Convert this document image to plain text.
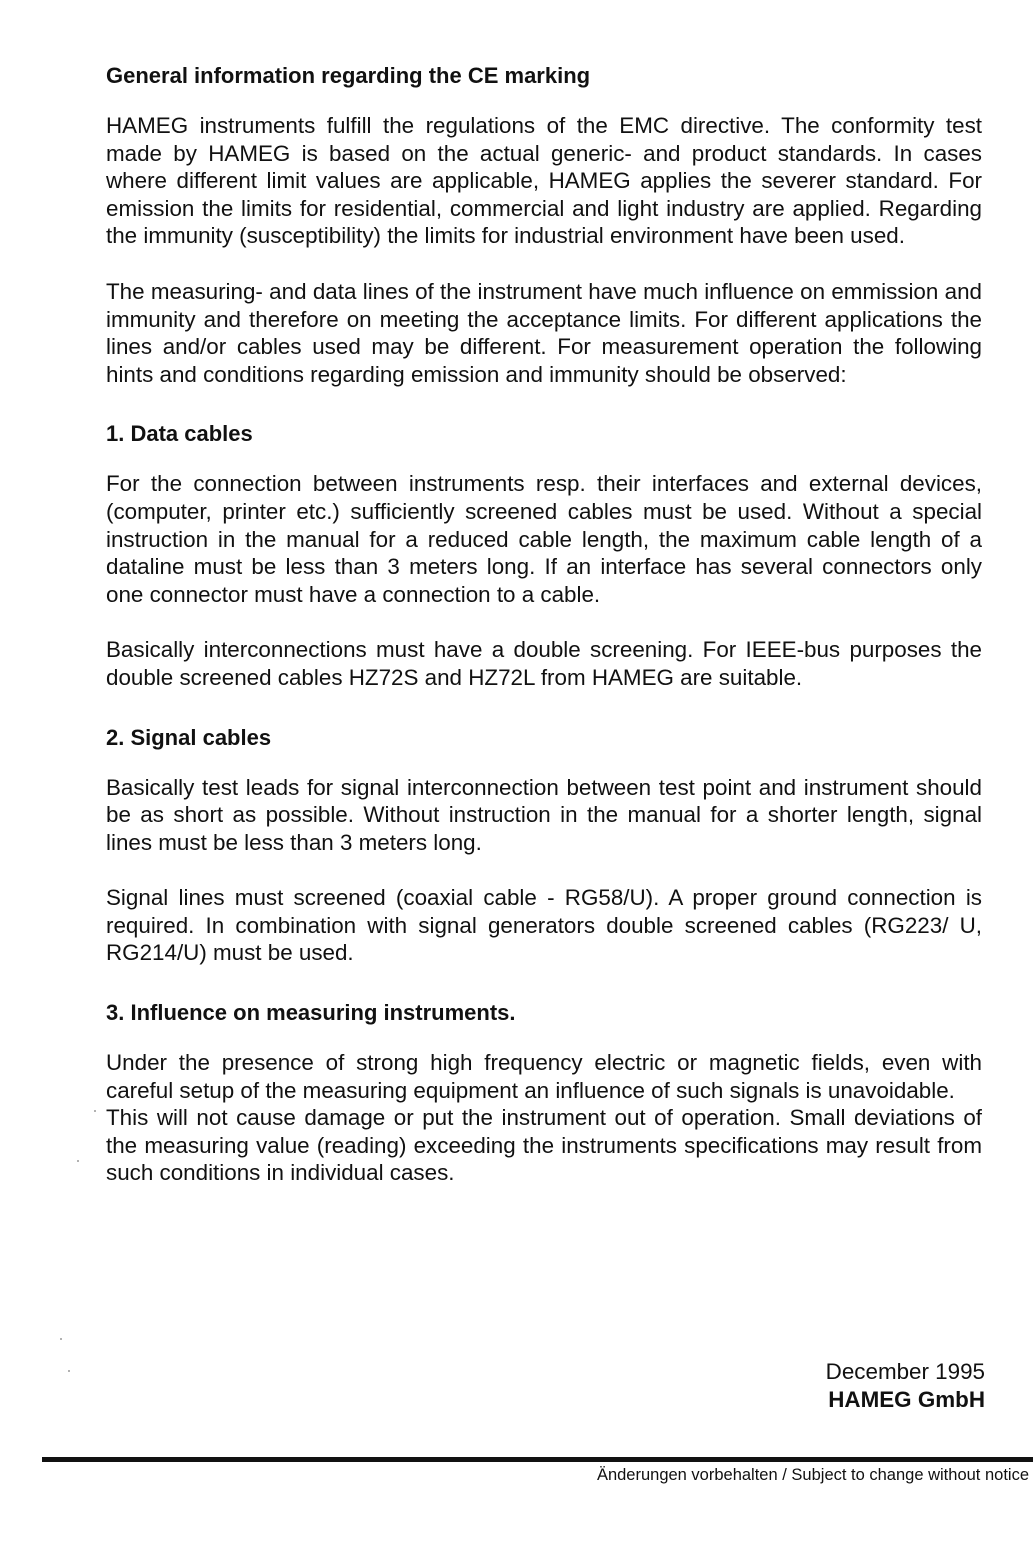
General information regarding the CE marking

HAMEG instruments fulfill the regulations of the EMC directive. The conformity test made by HAMEG is based on the actual generic- and product standards. In cases where different limit values are applicable, HAMEG applies the severer standard. For emission the limits for residential, commercial and light industry are applied. Regarding the immunity (susceptibility) the limits for industrial environment have been used.

The measuring- and data lines of the instrument have much influence on emmission and immunity and therefore on meeting the acceptance limits. For different applications the lines and/or cables used may be different. For measurement operation the following hints and conditions regarding emission and immunity should be observed:

1. Data cables

For the connection between instruments resp. their interfaces and external devices, (computer, printer etc.) sufficiently screened cables must be used. Without a special instruction in the manual for a reduced cable length, the maximum cable length of a dataline must be less than 3 meters long. If an interface has several connectors only one connector must have a connection to a cable.

Basically interconnections must have a double screening. For IEEE-bus purposes the double screened cables HZ72S and HZ72L from HAMEG are suitable.

2. Signal cables

Basically test leads for signal interconnection between test point and instrument should be as short as possible. Without instruction in the manual for a shorter length, signal lines must be less than 3 meters long.

Signal lines must screened (coaxial cable - RG58/U). A proper ground connection is required. In combination with signal generators double screened cables (RG223/ U, RG214/U) must be used.

3. Influence on measuring instruments.

Under the presence of strong high frequency electric or magnetic fields, even with careful setup of the measuring equipment an influence of such signals is unavoidable.

This will not cause damage or put the instrument out of operation. Small deviations of the measuring value (reading) exceeding the instruments specifications may result from such conditions in individual cases.

December 1995
HAMEG GmbH
Änderungen vorbehalten / Subject to change without notice
